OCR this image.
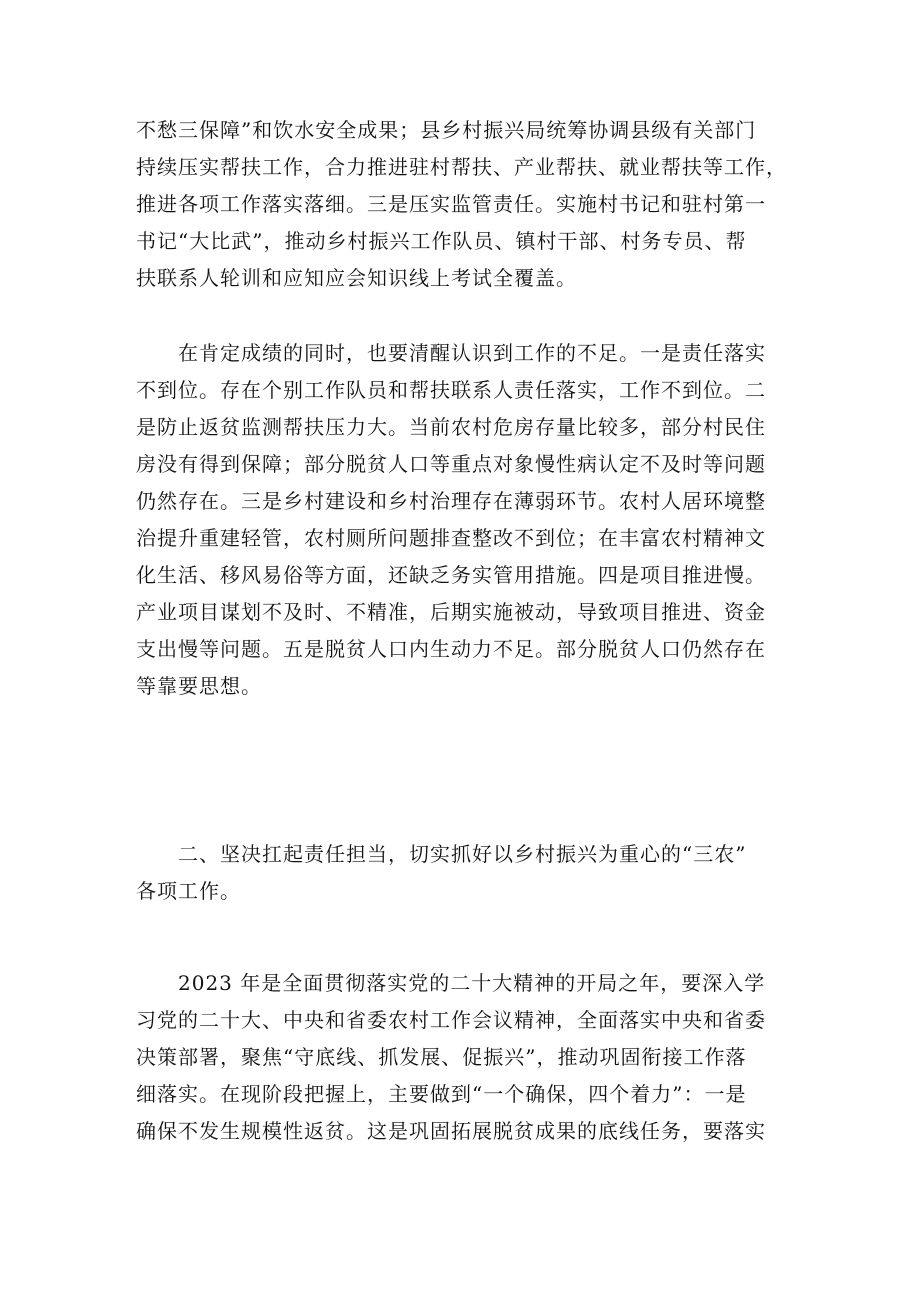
不愁三保障”和饮水安全成果；县乡村振兴局统筹协调县级有关部门
持续压实帮扶工作，合力推进驻村帮扶、产业帮扶、就业帮扶等工作，
推进各项工作落实落细。三是压实监管责任。实施村书记和驻村第一
书记“大比武”，推动乡村振兴工作队员、镇村干部、村务专员、帮
扶联系人轮训和应知应会知识线上考试全覆盖。
在肯定成绩的同时，也要清醒认识到工作的不足。一是责任落实
不到位。存在个别工作队员和帮扶联系人责任落实，工作不到位。二
是防止返贫监测帮扶压力大。当前农村危房存量比较多，部分村民住
房没有得到保障；部分脱贫人口等重点对象慢性病认定不及时等问题
仍然存在。三是乡村建设和乡村治理存在薄弱环节。农村人居环境整
治提升重建轻管，农村厕所问题排查整改不到位；在丰富农村精神文
化生活、移风易俗等方面，还缺乏务实管用措施。四是项目推进慢。
产业项目谋划不及时、不精准，后期实施被动，导致项目推进、资金
支出慢等问题。五是脱贫人口内生动力不足。部分脱贫人口仍然存在
等靠要思想。
二、坚决扛起责任担当，切实抓好以乡村振兴为重心的“三农”
各项工作。
2023 年是全面贯彻落实党的二十大精神的开局之年，要深入学
习党的二十大、中央和省委农村工作会议精神，全面落实中央和省委
决策部署，聚焦“守底线、抓发展、促振兴”，推动巩固衔接工作落
细落实。在现阶段把握上，主要做到“一个确保，四个着力”：一是
确保不发生规模性返贫。这是巩固拓展脱贫成果的底线任务，要落实
